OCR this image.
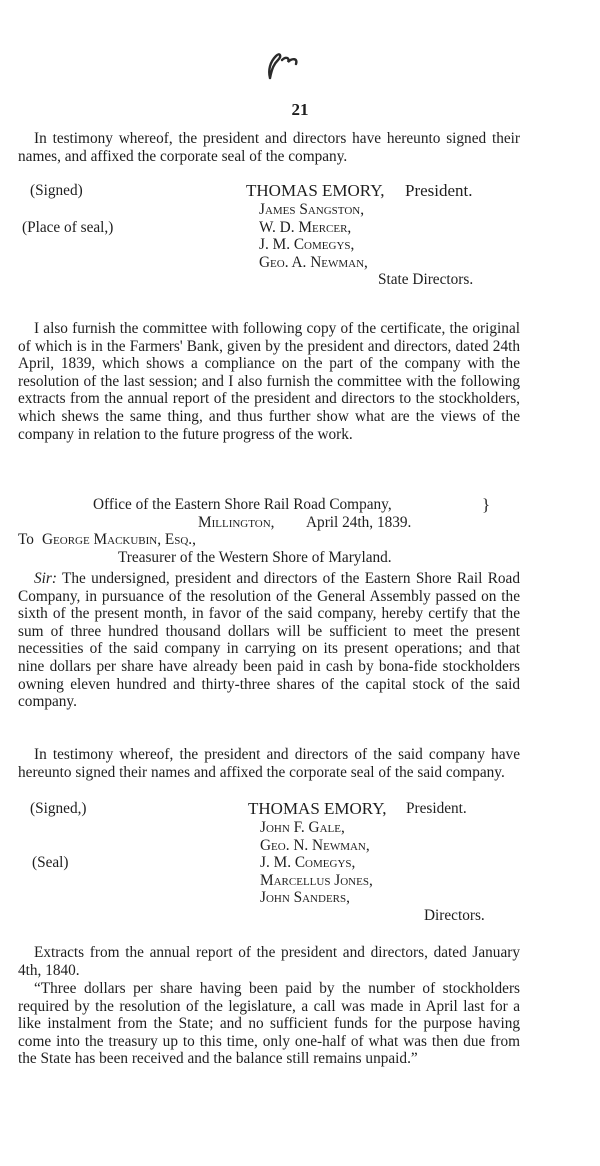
21
In testimony whereof, the president and directors have hereunto signed their names, and affixed the corporate seal of the company.
(Signed)	THOMAS EMORY, President.
James Sangston,
(Place of seal,)	W. D. Mercer,
J. M. Comegys,
Geo. A. Newman,
State Directors.
I also furnish the committee with following copy of the certificate, the original of which is in the Farmers' Bank, given by the president and directors, dated 24th April, 1839, which shows a compliance on the part of the company with the resolution of the last session; and I also furnish the committee with the following extracts from the annual report of the president and directors to the stockholders, which shews the same thing, and thus further show what are the views of the company in relation to the future progress of the work.
Office of the Eastern Shore Rail Road Company,	}
Millington, April 24th, 1839.
To George Mackubin, Esq.,
Treasurer of the Western Shore of Maryland.
Sir: The undersigned, president and directors of the Eastern Shore Rail Road Company, in pursuance of the resolution of the General Assembly passed on the sixth of the present month, in favor of the said company, hereby certify that the sum of three hundred thousand dollars will be sufficient to meet the present necessities of the said company in carrying on its present operations; and that nine dollars per share have already been paid in cash by bona-fide stockholders owning eleven hundred and thirty-three shares of the capital stock of the said company.
In testimony whereof, the president and directors of the said company have hereunto signed their names and affixed the corporate seal of the said company.
(Signed,)	THOMAS EMORY, President.
John F. Gale,
Geo. N. Newman,
(Seal)	J. M. Comegys,
Marcellus Jones,
John Sanders,
Directors.
Extracts from the annual report of the president and directors, dated January 4th, 1840.
“Three dollars per share having been paid by the number of stockholders required by the resolution of the legislature, a call was made in April last for a like instalment from the State; and no sufficient funds for the purpose having come into the treasury up to this time, only one-half of what was then due from the State has been received and the balance still remains unpaid.”
